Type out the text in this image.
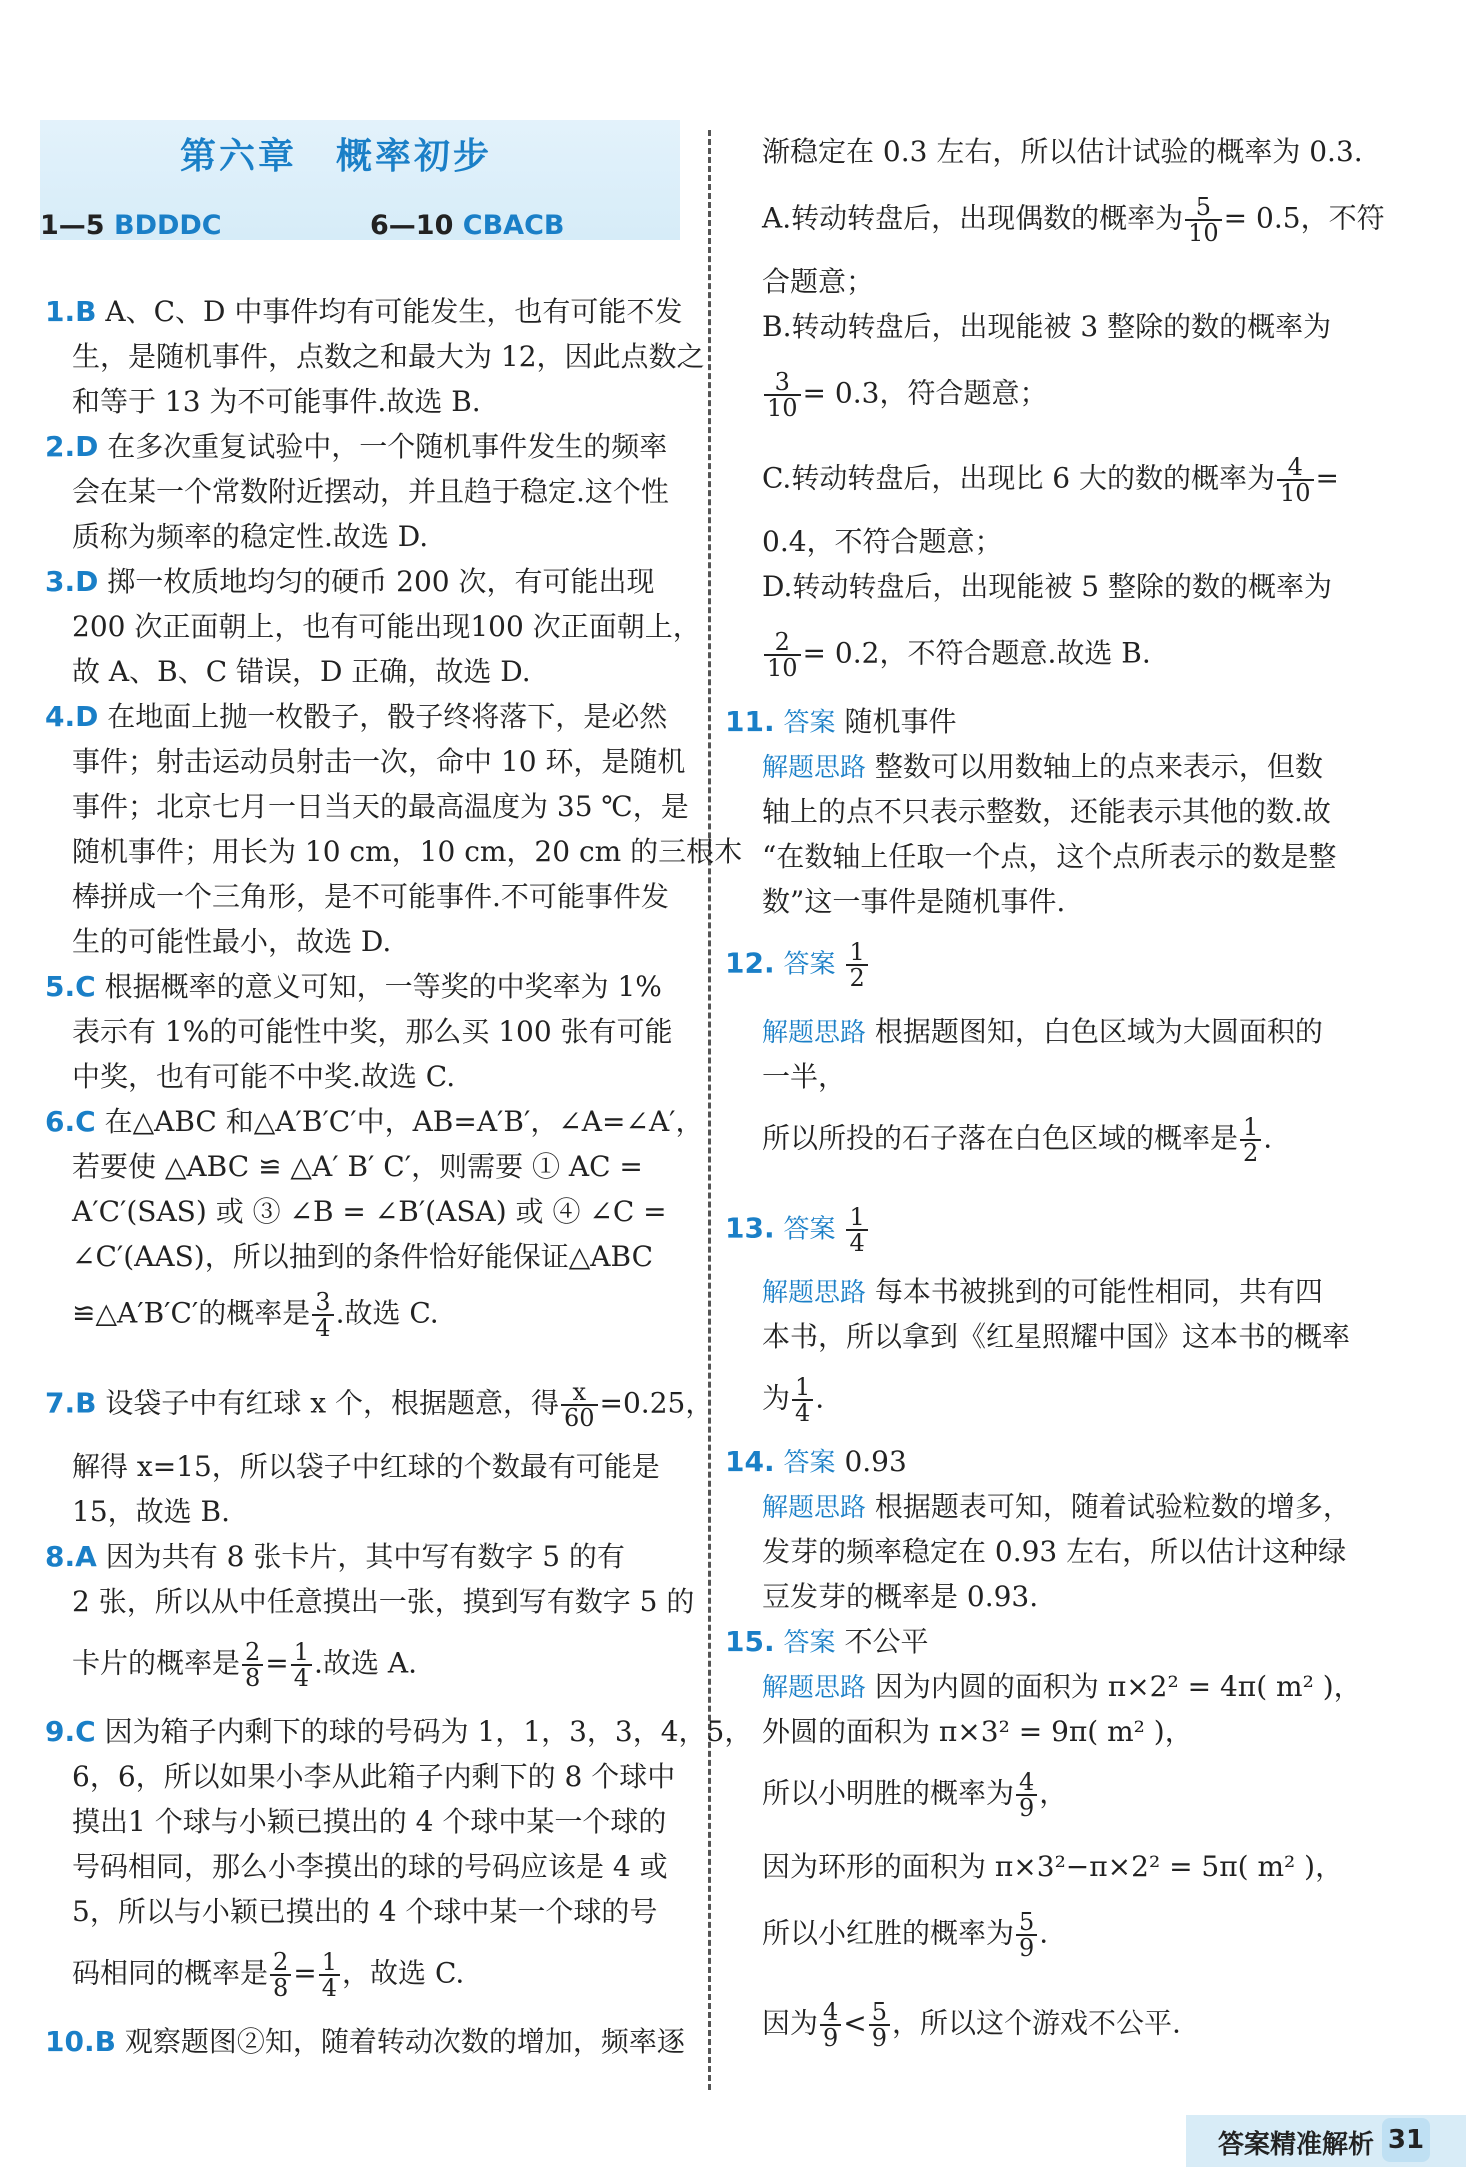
第六章　概率初步
1—5 BDDDC	6—10 CBACB
1.B A、C、D 中事件均有可能发生，也有可能不发
生，是随机事件，点数之和最大为 12，因此点数之
和等于 13 为不可能事件.故选 B.
2.D 在多次重复试验中，一个随机事件发生的频率
会在某一个常数附近摆动，并且趋于稳定.这个性
质称为频率的稳定性.故选 D.
3.D 掷一枚质地均匀的硬币 200 次，有可能出现
200 次正面朝上，也有可能出现100 次正面朝上，
故 A、B、C 错误，D 正确，故选 D.
4.D 在地面上抛一枚骰子，骰子终将落下，是必然
事件；射击运动员射击一次，命中 10 环，是随机
事件；北京七月一日当天的最高温度为 35 ℃，是
随机事件；用长为 10 cm，10 cm，20 cm 的三根木
棒拼成一个三角形，是不可能事件.不可能事件发
生的可能性最小，故选 D.
5.C 根据概率的意义可知，一等奖的中奖率为 1%
表示有 1%的可能性中奖，那么买 100 张有可能
中奖，也有可能不中奖.故选 C.
6.C 在△ABC 和△A′B′C′中，AB=A′B′，∠A=∠A′，
若要使 △ABC ≌ △A′ B′ C′，则需要 ① AC =
A′C′(SAS) 或 ③ ∠B = ∠B′(ASA) 或 ④ ∠C =
∠C′(AAS)，所以抽到的条件恰好能保证△ABC
≌△A′B′C′的概率是 $\frac{3}{4}$ .故选 C.
7.B 设袋子中有红球 x 个，根据题意，得 $\frac{x}{60} =0.25$，
解得 x=15，所以袋子中红球的个数最有可能是
15，故选 B.
8.A 因为共有 8 张卡片，其中写有数字 5 的有
2 张，所以从中任意摸出一张，摸到写有数字 5 的
卡片的概率是 $\frac{2}{8} = \frac{1}{4}$ .故选 A.
9.C 因为箱子内剩下的球的号码为 1，1，3，3，4，5，
6，6，所以如果小李从此箱子内剩下的 8 个球中
摸出1 个球与小颖已摸出的 4 个球中某一个球的
号码相同，那么小李摸出的球的号码应该是 4 或
5，所以与小颖已摸出的 4 个球中某一个球的号
码相同的概率是 $\frac{2}{8} = \frac{1}{4}$ ，故选 C.
10.B 观察题图②知，随着转动次数的增加，频率逐
渐稳定在 0.3 左右，所以估计试验的概率为 0.3.
A.转动转盘后，出现偶数的概率为 $\frac{5}{10} = 0.5$，不符
合题意；
B.转动转盘后，出现能被 3 整除的数的概率为
$\frac{3}{10} = 0.3$，符合题意；
C.转动转盘后，出现比 6 大的数的概率为 $\frac{4}{10}$ =
0.4，不符合题意；
D.转动转盘后，出现能被 5 整除的数的概率为
$\frac{2}{10} = 0.2$，不符合题意.故选 B.
11. 答案 随机事件
解题思路 整数可以用数轴上的点来表示，但数
轴上的点不只表示整数，还能表示其他的数.故
“在数轴上任取一个点，这个点所表示的数是整
数”这一事件是随机事件.
12. 答案 $\frac{1}{2}$
解题思路 根据题图知，白色区域为大圆面积的
一半，
所以所投的石子落在白色区域的概率是 $\frac{1}{2}$ .
13. 答案 $\frac{1}{4}$
解题思路 每本书被挑到的可能性相同，共有四
本书，所以拿到《红星照耀中国》这本书的概率
为 $\frac{1}{4}$ .
14. 答案 0.93
解题思路 根据题表可知，随着试验粒数的增多，
发芽的频率稳定在 0.93 左右，所以估计这种绿
豆发芽的概率是 0.93.
15. 答案 不公平
解题思路 因为内圆的面积为 π×2² = 4π( m² )，
外圆的面积为 π×3² = 9π( m² )，
所以小明胜的概率为 $\frac{4}{9}$ ，
因为环形的面积为 π×3²−π×2² = 5π( m² )，
所以小红胜的概率为 $\frac{5}{9}$ .
因为 $\frac{4}{9} < \frac{5}{9}$ ，所以这个游戏不公平.
答案精准解析 31
